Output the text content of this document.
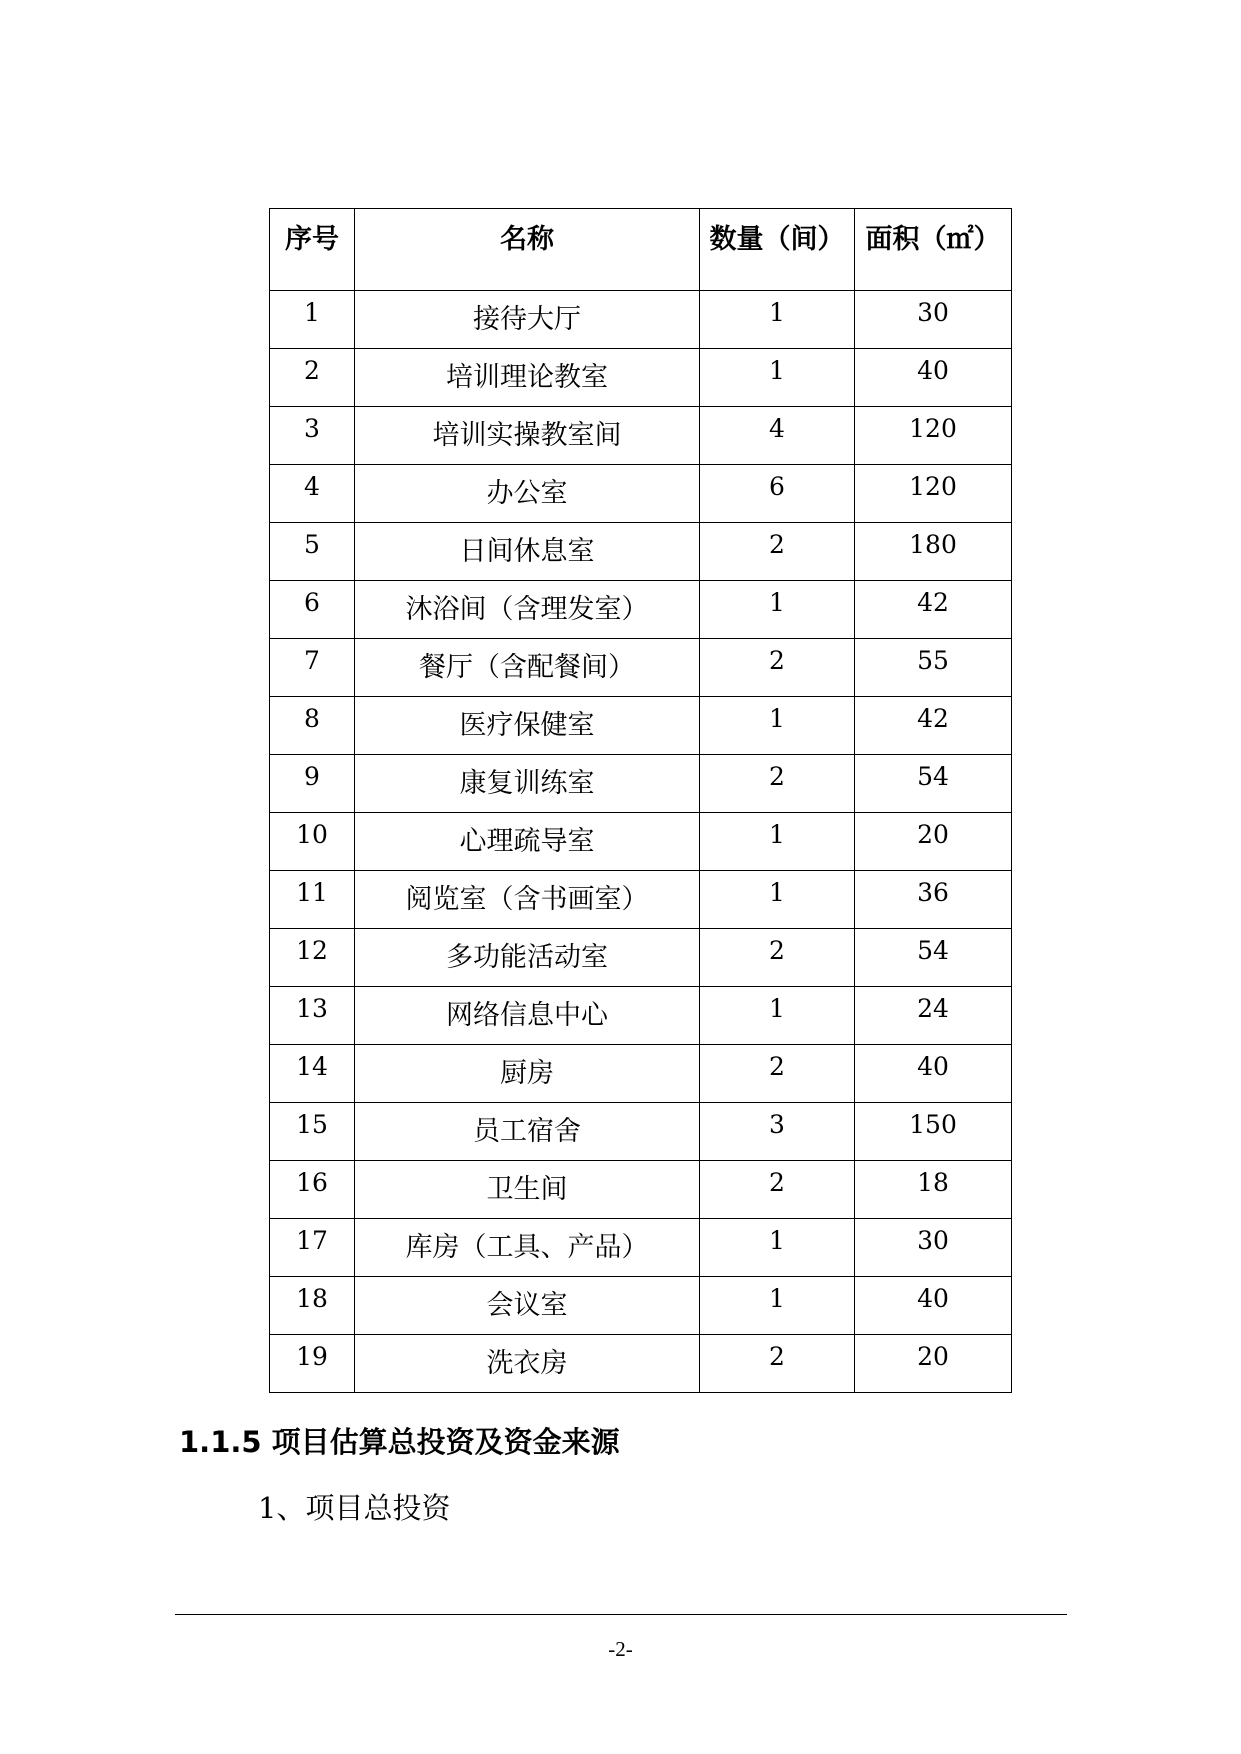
序号	名称	数量（间）	面积（㎡）

1	接待大厅	1	30

2	培训理论教室	1	40

3	培训实操教室间	4	120

4	办公室	6	120

5	日间休息室	2	180

6	沐浴间（含理发室）	1	42

7	餐厅（含配餐间）	2	55

8	医疗保健室	1	42

9	康复训练室	2	54

10	心理疏导室	1	20

11	阅览室（含书画室）	1	36

12	多功能活动室	2	54

13	网络信息中心	1	24

14	厨房	2	40

15	员工宿舍	3	150

16	卫生间	2	18

17	库房（工具、产品）	1	30

18	会议室	1	40

19	洗衣房	2	20
1.1.5 项目估算总投资及资金来源
1、项目总投资
-2-
